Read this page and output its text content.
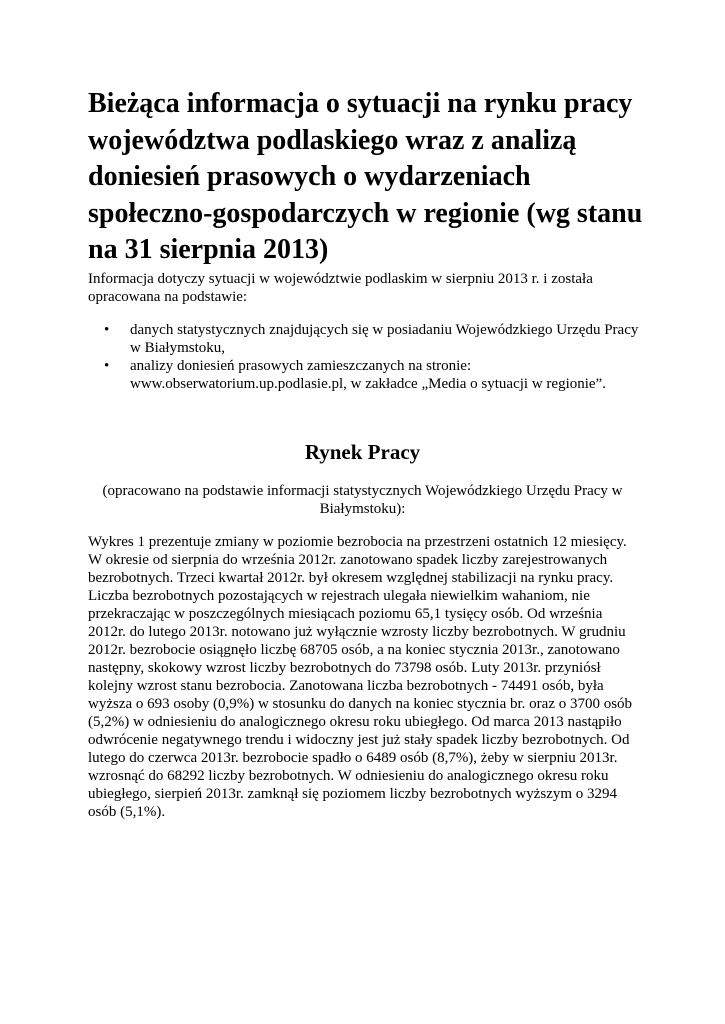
Bieżąca informacja o sytuacji na rynku pracy województwa podlaskiego wraz z analizą doniesień prasowych o wydarzeniach społeczno-gospodarczych w regionie (wg stanu na 31 sierpnia 2013)

Informacja dotyczy sytuacji w województwie podlaskim w sierpniu 2013 r. i została opracowana na podstawie:

• danych statystycznych znajdujących się w posiadaniu Wojewódzkiego Urzędu Pracy w Białymstoku,
• analizy doniesień prasowych zamieszczanych na stronie: www.obserwatorium.up.podlasie.pl, w zakładce „Media o sytuacji w regionie”.
Rynek Pracy

(opracowano na podstawie informacji statystycznych Wojewódzkiego Urzędu Pracy w Białymstoku):

Wykres 1 prezentuje zmiany w poziomie bezrobocia na przestrzeni ostatnich 12 miesięcy. W okresie od sierpnia do września 2012r. zanotowano spadek liczby zarejestrowanych bezrobotnych. Trzeci kwartał 2012r. był okresem względnej stabilizacji na rynku pracy. Liczba bezrobotnych pozostających w rejestrach ulegała niewielkim wahaniom, nie przekraczając w poszczególnych miesiącach poziomu 65,1 tysięcy osób. Od września 2012r. do lutego 2013r. notowano już wyłącznie wzrosty liczby bezrobotnych. W grudniu 2012r. bezrobocie osiągnęło liczbę 68705 osób, a na koniec stycznia 2013r., zanotowano następny, skokowy wzrost liczby bezrobotnych do 73798 osób. Luty 2013r. przyniósł kolejny wzrost stanu bezrobocia. Zanotowana liczba bezrobotnych - 74491 osób, była wyższa o 693 osoby (0,9%) w stosunku do danych na koniec stycznia br. oraz o 3700 osób (5,2%) w odniesieniu do analogicznego okresu roku ubiegłego. Od marca 2013 nastąpiło odwrócenie negatywnego trendu i widoczny jest już stały spadek liczby bezrobotnych. Od lutego do czerwca 2013r. bezrobocie spadło o 6489 osób (8,7%), żeby w sierpniu 2013r. wzrosnąć do 68292 liczby bezrobotnych. W odniesieniu do analogicznego okresu roku ubiegłego, sierpień 2013r. zamknął się poziomem liczby bezrobotnych wyższym o 3294 osób (5,1%).
